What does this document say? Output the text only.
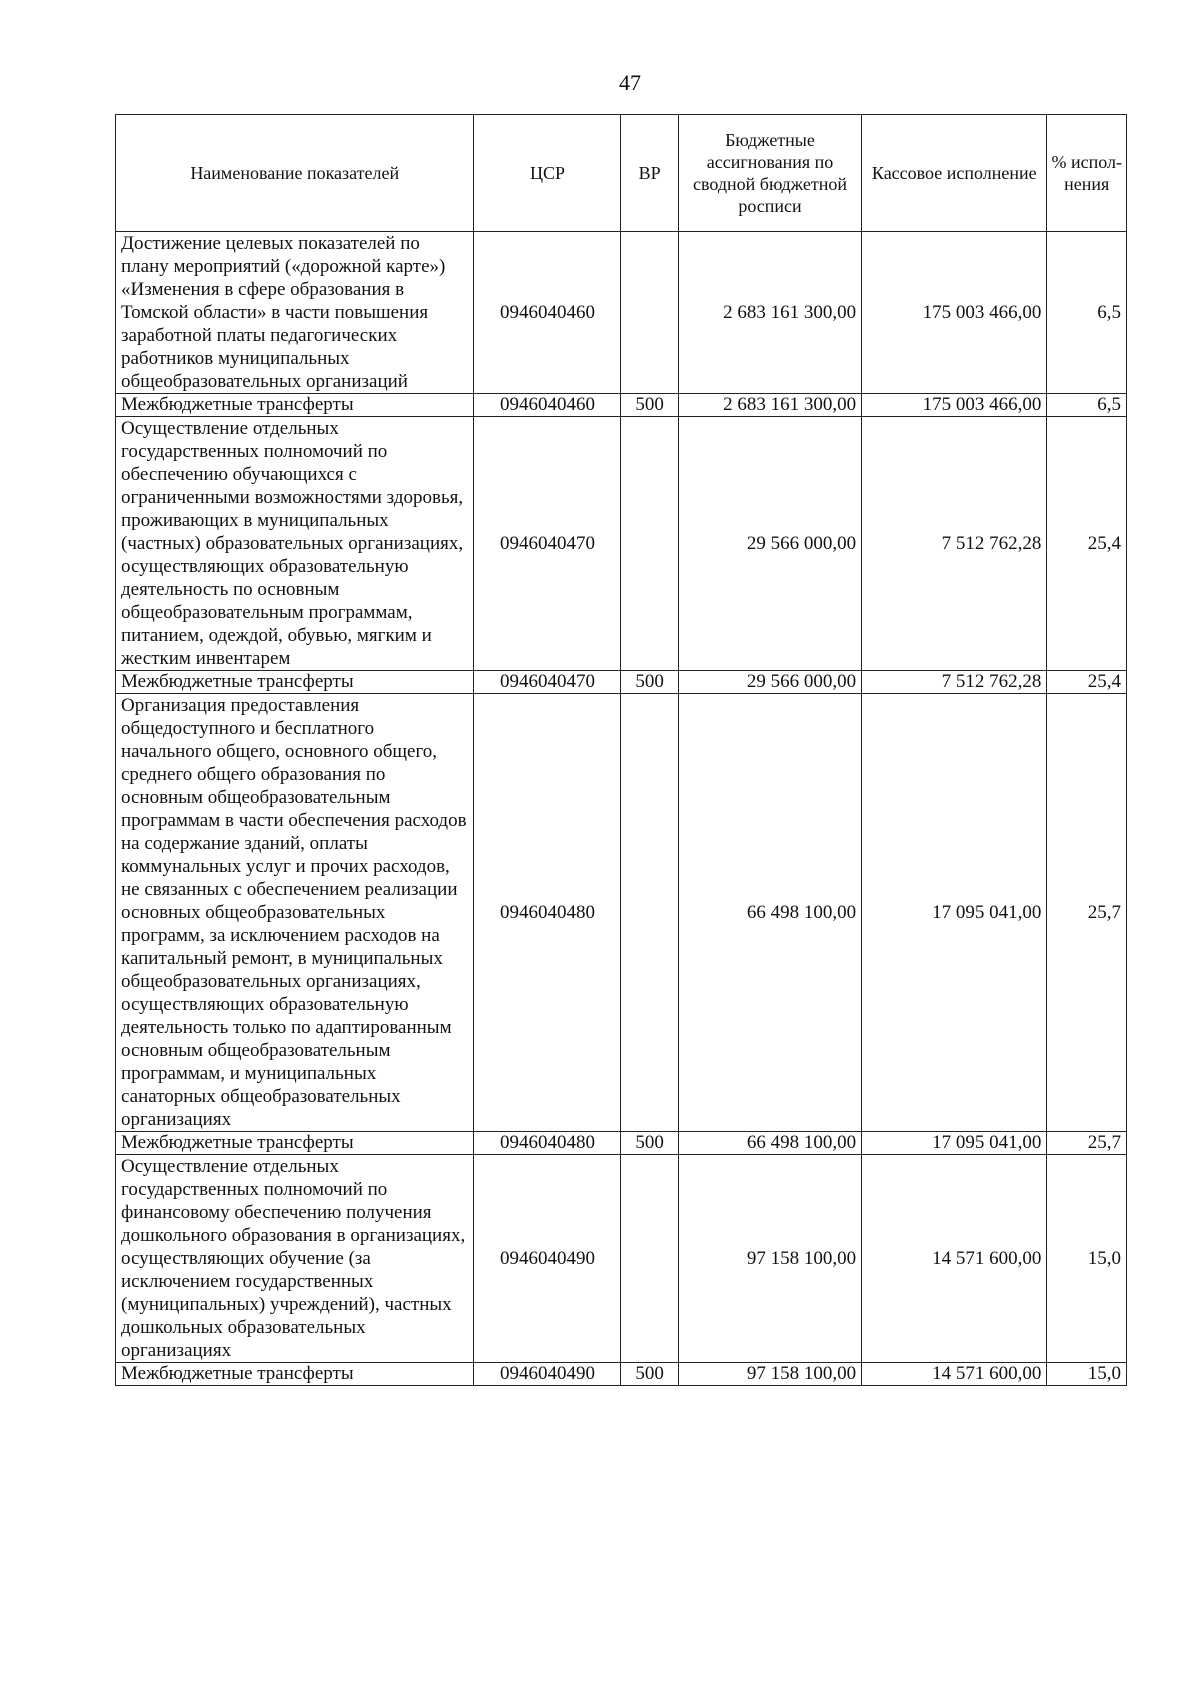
47
Наименование показателей	ЦСР	ВР	Бюджетные ассигнования по сводной бюджетной росписи	Кассовое исполнение	% испол-нения
Достижение целевых показателей по плану мероприятий («дорожной карте») «Изменения в сфере образования в Томской области» в части повышения заработной платы педагогических работников муниципальных общеобразовательных организаций	0946040460		2 683 161 300,00	175 003 466,00	6,5
Межбюджетные трансферты	0946040460	500	2 683 161 300,00	175 003 466,00	6,5
Осуществление отдельных государственных полномочий по обеспечению обучающихся с ограниченными возможностями здоровья, проживающих в муниципальных (частных) образовательных организациях, осуществляющих образовательную деятельность по основным общеобразовательным программам, питанием, одеждой, обувью, мягким и жестким инвентарем	0946040470		29 566 000,00	7 512 762,28	25,4
Межбюджетные трансферты	0946040470	500	29 566 000,00	7 512 762,28	25,4
Организация предоставления общедоступного и бесплатного начального общего, основного общего, среднего общего образования по основным общеобразовательным программам в части обеспечения расходов на содержание зданий, оплаты коммунальных услуг и прочих расходов, не связанных с обеспечением реализации основных общеобразовательных программ, за исключением расходов на капитальный ремонт, в муниципальных общеобразовательных организациях, осуществляющих образовательную деятельность только по адаптированным основным общеобразовательным программам, и муниципальных санаторных общеобразовательных организациях	0946040480		66 498 100,00	17 095 041,00	25,7
Межбюджетные трансферты	0946040480	500	66 498 100,00	17 095 041,00	25,7
Осуществление отдельных государственных полномочий по финансовому обеспечению получения дошкольного образования в организациях, осуществляющих обучение (за исключением государственных (муниципальных) учреждений), частных дошкольных образовательных организациях	0946040490		97 158 100,00	14 571 600,00	15,0
Межбюджетные трансферты	0946040490	500	97 158 100,00	14 571 600,00	15,0
